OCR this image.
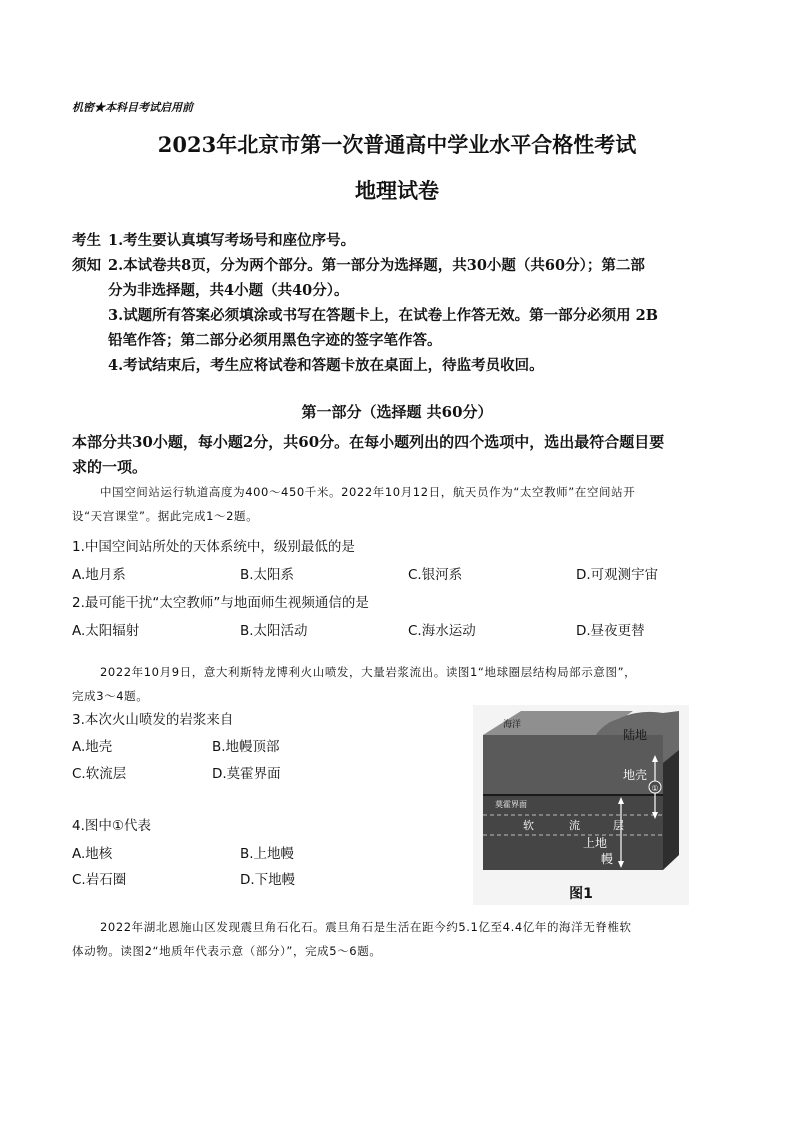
机密★本科目考试启用前
2023年北京市第一次普通高中学业水平合格性考试
地理试卷
考生 1.考生要认真填写考场号和座位序号。
须知 2.本试卷共8页，分为两个部分。第一部分为选择题，共30小题（共60分）；第二部
分为非选择题，共4小题（共40分）。
3.试题所有答案必须填涂或书写在答题卡上，在试卷上作答无效。第一部分必须用 2B
铅笔作答；第二部分必须用黑色字迹的签字笔作答。
4.考试结束后，考生应将试卷和答题卡放在桌面上，待监考员收回。
第一部分（选择题 共60分）
本部分共30小题，每小题2分，共60分。在每小题列出的四个选项中，选出最符合题目要
求的一项。
中国空间站运行轨道高度为400～450千米。2022年10月12日，航天员作为“太空教师”在空间站开
设“天宫课堂”。据此完成1～2题。
1.中国空间站所处的天体系统中，级别最低的是
A.地月系	B.太阳系	C.银河系	D.可观测宇宙
2.最可能干扰“太空教师”与地面师生视频通信的是
A.太阳辐射	B.太阳活动	C.海水运动	D.昼夜更替
2022年10月9日，意大利斯特龙博利火山喷发，大量岩浆流出。读图1“地球圈层结构局部示意图”，
完成3～4题。
3.本次火山喷发的岩浆来自
A.地壳	B.地幔顶部
C.软流层	D.莫霍界面
4.图中①代表
A.地核	B.上地幔
C.岩石圈	D.下地幔
海洋
陆地
地壳
①
莫霍界面
软	流	层
上地
幔
图1
2022年湖北恩施山区发现震旦角石化石。震旦角石是生活在距今约5.1亿至4.4亿年的海洋无脊椎软
体动物。读图2“地质年代表示意（部分）”，完成5～6题。
